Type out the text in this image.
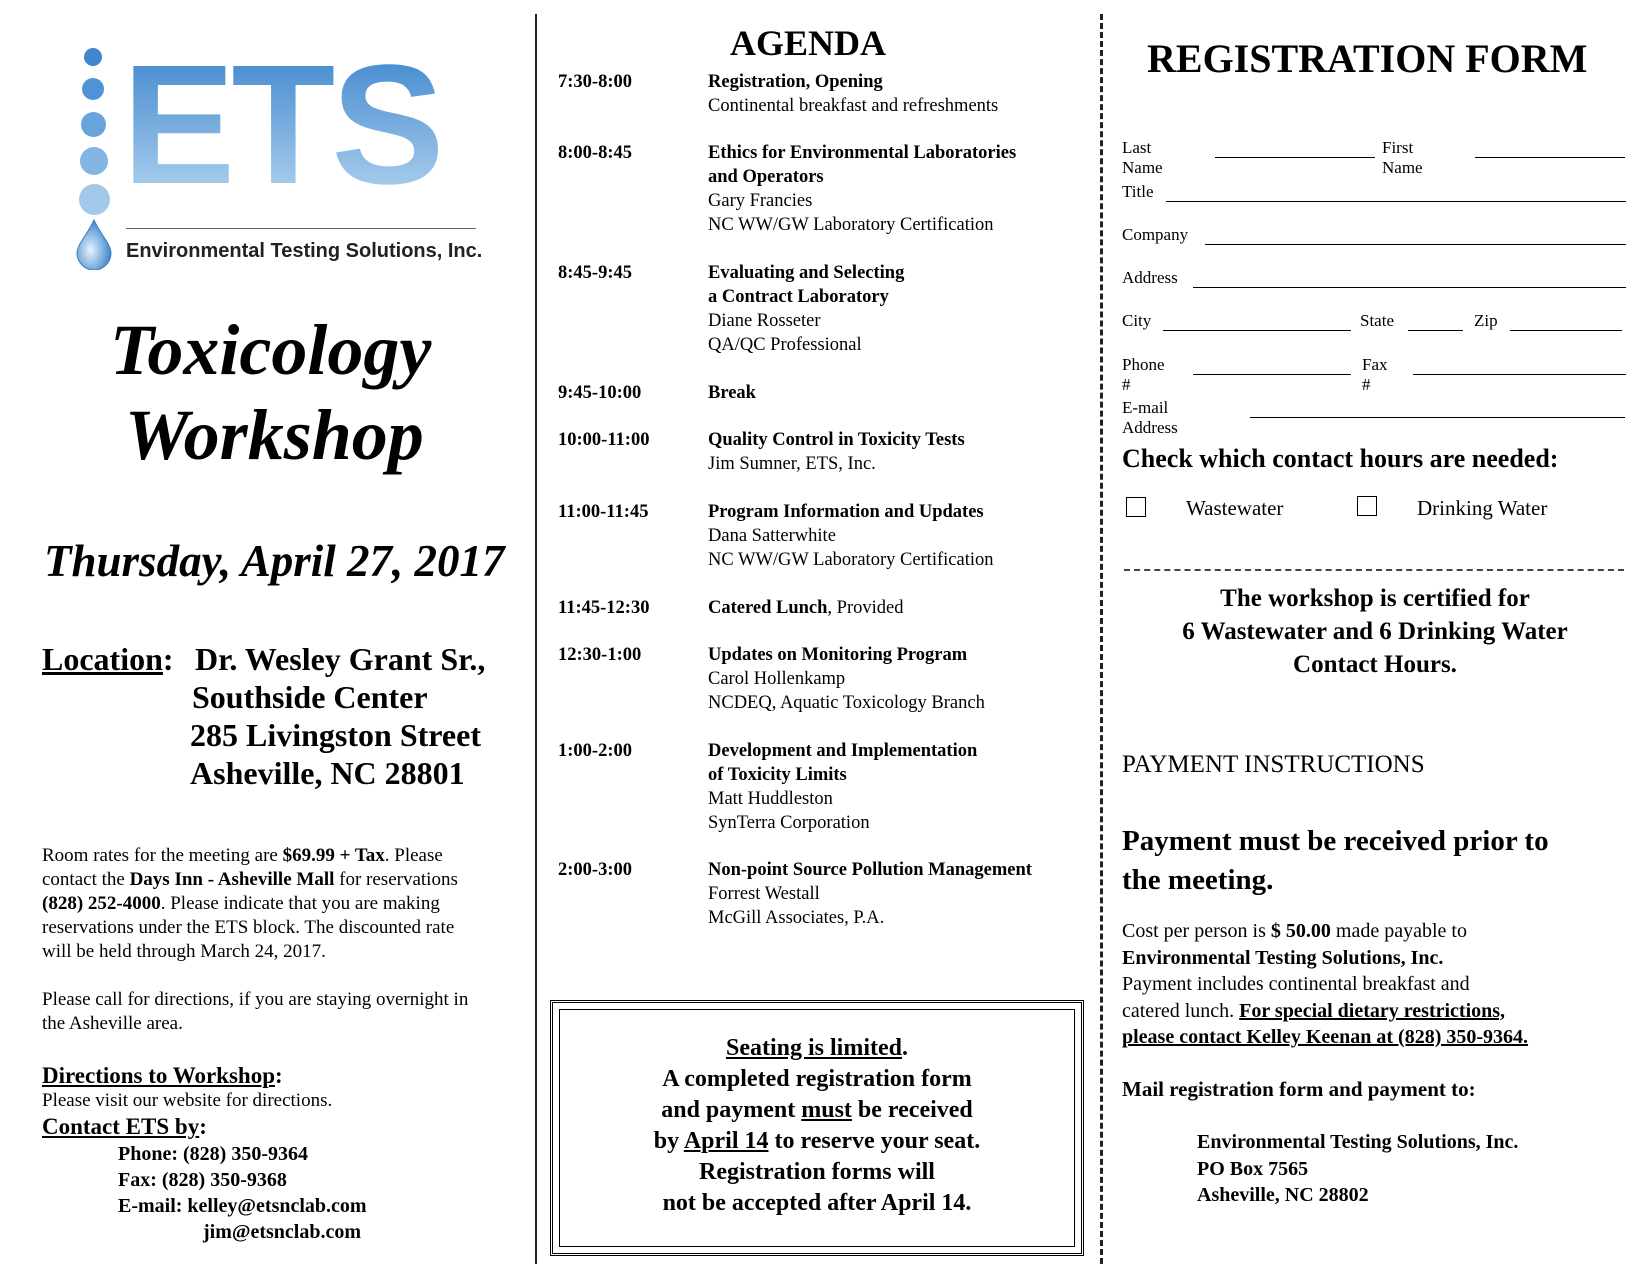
ETS
Environmental Testing Solutions, Inc.
Toxicology
Workshop
Thursday, April 27, 2017
Location: Dr. Wesley Grant Sr.,
Southside Center
285 Livingston Street
Asheville, NC 28801
Room rates for the meeting are $69.99 + Tax. Please
contact the Days Inn - Asheville Mall for reservations
(828) 252-4000. Please indicate that you are making
reservations under the ETS block. The discounted rate
will be held through March 24, 2017.
Please call for directions, if you are staying overnight in
the Asheville area.
Directions to Workshop:
Please visit our website for directions.
Contact ETS by:
Phone: (828) 350-9364
Fax: (828) 350-9368
E-mail: kelley@etsnclab.com
jim@etsnclab.com
AGENDA
7:30-8:00	Registration, Opening
Continental breakfast and refreshments
8:00-8:45	Ethics for Environmental Laboratories
and Operators
Gary Francies
NC WW/GW Laboratory Certification
8:45-9:45	Evaluating and Selecting
a Contract Laboratory
Diane Rosseter
QA/QC Professional
9:45-10:00	Break
10:00-11:00	Quality Control in Toxicity Tests
Jim Sumner, ETS, Inc.
11:00-11:45	Program Information and Updates
Dana Satterwhite
NC WW/GW Laboratory Certification
11:45-12:30	Catered Lunch, Provided
12:30-1:00	Updates on Monitoring Program
Carol Hollenkamp
NCDEQ, Aquatic Toxicology Branch
1:00-2:00	Development and Implementation
of Toxicity Limits
Matt Huddleston
SynTerra Corporation
2:00-3:00	Non-point Source Pollution Management
Forrest Westall
McGill Associates, P.A.
Seating is limited.
A completed registration form
and payment must be received
by April 14 to reserve your seat.
Registration forms will
not be accepted after April 14.
REGISTRATION FORM
Last Name
First Name
Title
Company
Address
City	State	Zip
Phone #
Fax #
E-mail Address
Check which contact hours are needed:
Wastewater	Drinking Water
The workshop is certified for
6 Wastewater and 6 Drinking Water
Contact Hours.
PAYMENT INSTRUCTIONS
Payment must be received prior to
the meeting.
Cost per person is $ 50.00 made payable to
Environmental Testing Solutions, Inc.
Payment includes continental breakfast and
catered lunch. For special dietary restrictions,
please contact Kelley Keenan at (828) 350-9364.
Mail registration form and payment to:
Environmental Testing Solutions, Inc.
PO Box 7565
Asheville, NC 28802
